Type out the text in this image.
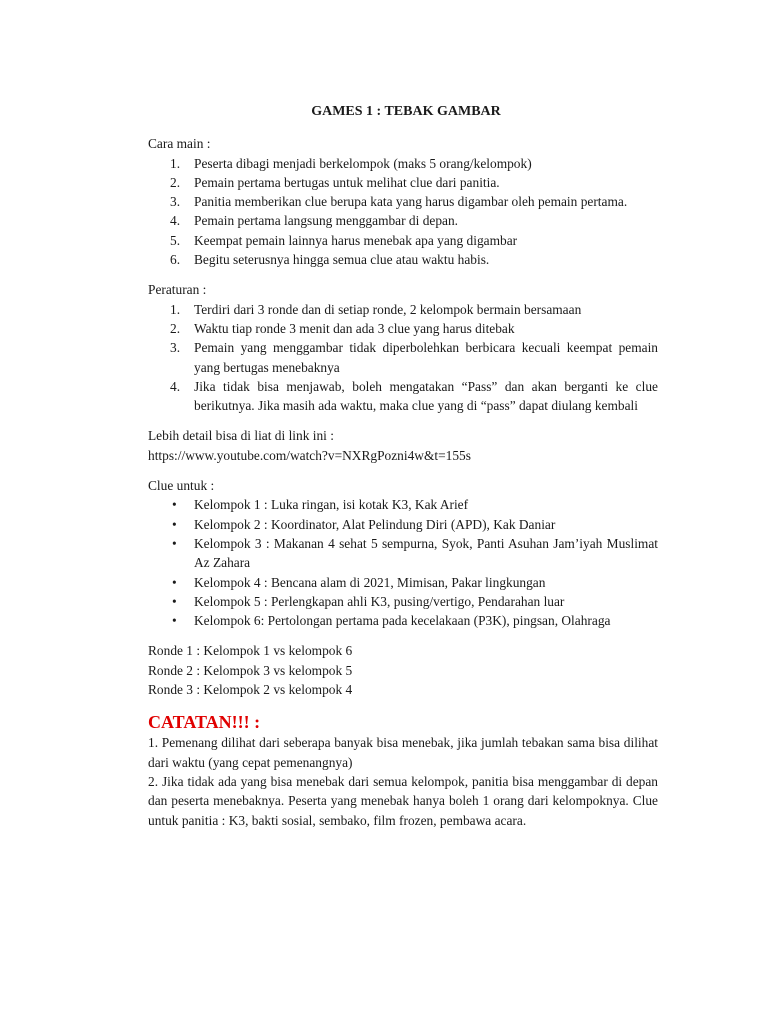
GAMES 1 : TEBAK GAMBAR
Cara main :
1.	Peserta dibagi menjadi berkelompok (maks 5 orang/kelompok)
2.	Pemain pertama bertugas untuk melihat clue dari panitia.
3.	Panitia memberikan clue berupa kata yang harus digambar oleh pemain pertama.
4.	Pemain pertama langsung menggambar di depan.
5.	Keempat pemain lainnya harus menebak apa yang digambar
6.	Begitu seterusnya hingga semua clue atau waktu habis.
Peraturan :
1.	Terdiri dari 3 ronde dan di setiap ronde, 2 kelompok bermain bersamaan
2.	Waktu tiap ronde 3 menit dan ada 3 clue yang harus ditebak
3.	Pemain yang menggambar tidak diperbolehkan berbicara kecuali keempat pemain yang bertugas menebaknya
4.	Jika tidak bisa menjawab, boleh mengatakan “Pass” dan akan berganti ke clue berikutnya. Jika masih ada waktu, maka clue yang di “pass” dapat diulang kembali
Lebih detail bisa di liat di link ini :
https://www.youtube.com/watch?v=NXRgPozni4w&t=155s
Clue untuk :
•	Kelompok 1 : Luka ringan, isi kotak K3, Kak Arief
•	Kelompok 2 : Koordinator, Alat Pelindung Diri (APD), Kak Daniar
•	Kelompok 3 : Makanan 4 sehat 5 sempurna, Syok, Panti Asuhan Jam’iyah Muslimat Az Zahara
•	Kelompok 4 : Bencana alam di 2021, Mimisan, Pakar lingkungan
•	Kelompok 5 : Perlengkapan ahli K3, pusing/vertigo, Pendarahan luar
•	Kelompok 6: Pertolongan pertama pada kecelakaan (P3K), pingsan, Olahraga
Ronde 1 : Kelompok 1 vs kelompok 6
Ronde 2 : Kelompok 3 vs kelompok 5
Ronde 3 : Kelompok 2 vs kelompok 4
CATATAN!!! :

1. Pemenang dilihat dari seberapa banyak bisa menebak, jika jumlah tebakan sama bisa dilihat dari waktu (yang cepat pemenangnya)

2. Jika tidak ada yang bisa menebak dari semua kelompok, panitia bisa menggambar di depan dan peserta menebaknya. Peserta yang menebak hanya boleh 1 orang dari kelompoknya. Clue untuk panitia : K3, bakti sosial, sembako, film frozen, pembawa acara.
